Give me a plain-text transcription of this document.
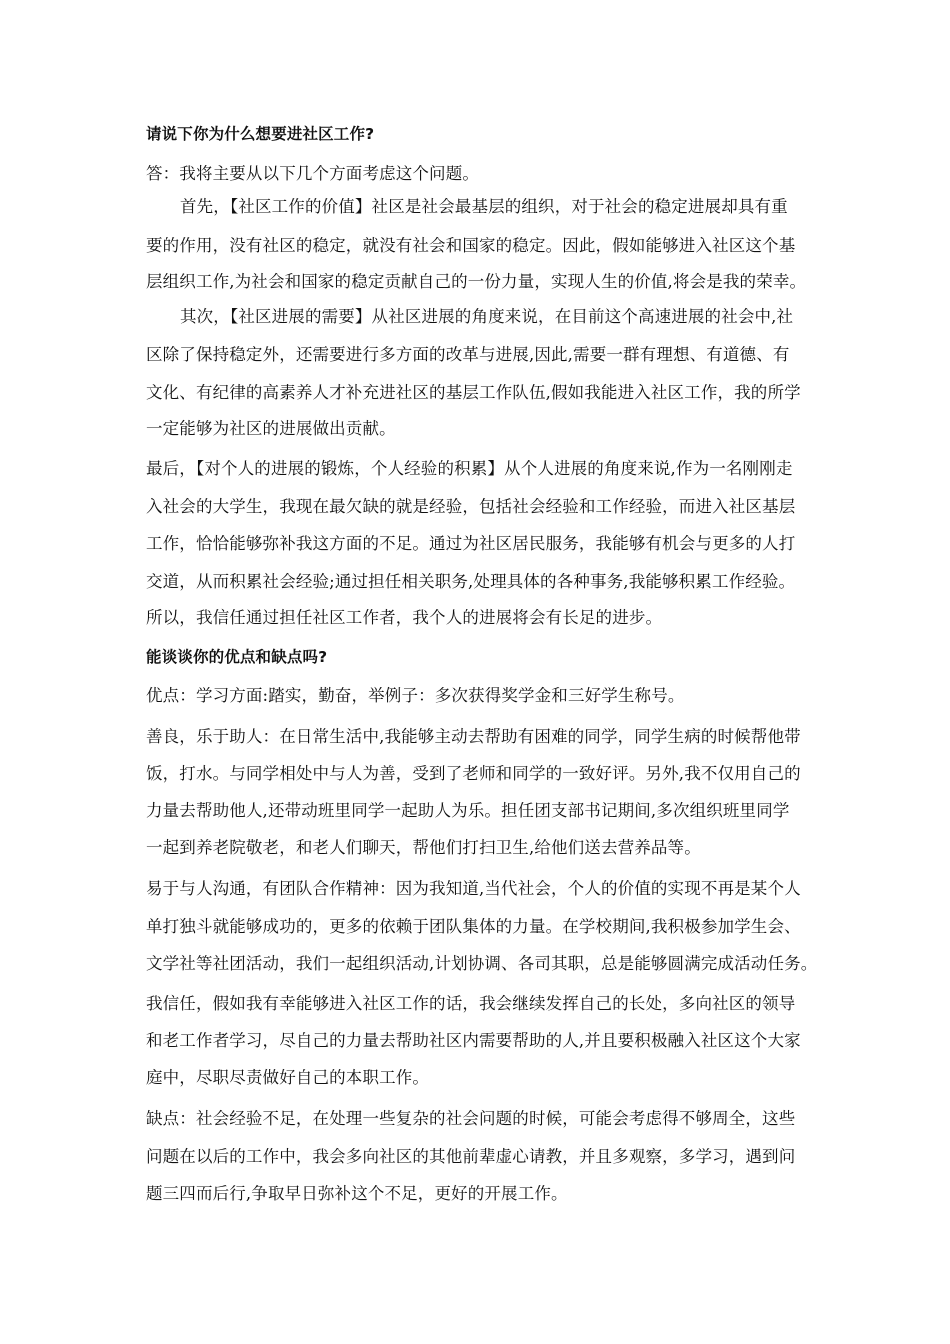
请说下你为什么想要进社区工作?
答：我将主要从以下几个方面考虑这个问题。
首先，【社区工作的价值】社区是社会最基层的组织，对于社会的稳定进展却具有重
要的作用，没有社区的稳定，就没有社会和国家的稳定。因此，假如能够进入社区这个基
层组织工作,为社会和国家的稳定贡献自己的一份力量，实现人生的价值,将会是我的荣幸。
其次，【社区进展的需要】从社区进展的角度来说，在目前这个高速进展的社会中,社
区除了保持稳定外，还需要进行多方面的改革与进展,因此,需要一群有理想、有道德、有
文化、有纪律的高素养人才补充进社区的基层工作队伍,假如我能进入社区工作，我的所学
一定能够为社区的进展做出贡献。
最后，【对个人的进展的锻炼，个人经验的积累】从个人进展的角度来说,作为一名刚刚走
入社会的大学生，我现在最欠缺的就是经验，包括社会经验和工作经验，而进入社区基层
工作，恰恰能够弥补我这方面的不足。通过为社区居民服务，我能够有机会与更多的人打
交道，从而积累社会经验;通过担任相关职务,处理具体的各种事务,我能够积累工作经验。
所以，我信任通过担任社区工作者，我个人的进展将会有长足的进步。
能谈谈你的优点和缺点吗?
优点：学习方面:踏实，勤奋，举例子：多次获得奖学金和三好学生称号。
善良，乐于助人：在日常生活中,我能够主动去帮助有困难的同学，同学生病的时候帮他带
饭，打水。与同学相处中与人为善，受到了老师和同学的一致好评。另外,我不仅用自己的
力量去帮助他人,还带动班里同学一起助人为乐。担任团支部书记期间,多次组织班里同学
一起到养老院敬老，和老人们聊天，帮他们打扫卫生,给他们送去营养品等。
易于与人沟通，有团队合作精神：因为我知道,当代社会，个人的价值的实现不再是某个人
单打独斗就能够成功的，更多的依赖于团队集体的力量。在学校期间,我积极参加学生会、
文学社等社团活动，我们一起组织活动,计划协调、各司其职，总是能够圆满完成活动任务。
我信任，假如我有幸能够进入社区工作的话，我会继续发挥自己的长处，多向社区的领导
和老工作者学习，尽自己的力量去帮助社区内需要帮助的人,并且要积极融入社区这个大家
庭中，尽职尽责做好自己的本职工作。
缺点：社会经验不足，在处理一些复杂的社会问题的时候，可能会考虑得不够周全，这些
问题在以后的工作中，我会多向社区的其他前辈虚心请教，并且多观察，多学习，遇到问
题三四而后行,争取早日弥补这个不足，更好的开展工作。
